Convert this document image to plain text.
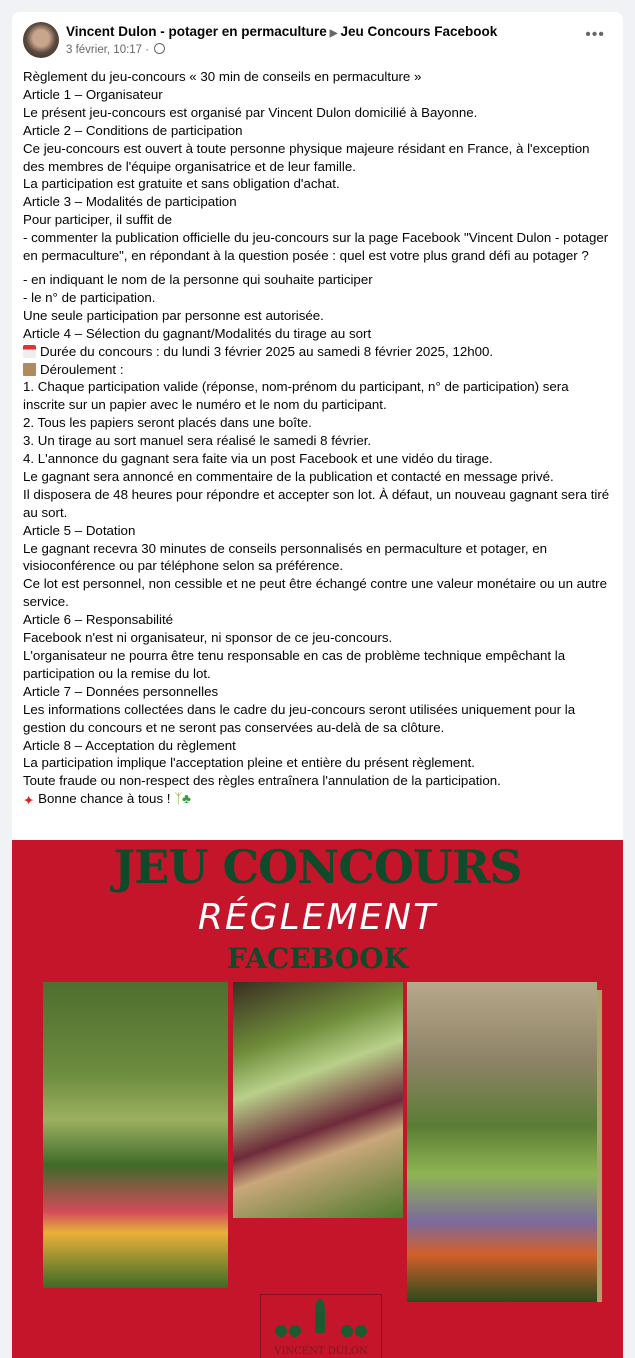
Vincent Dulon - potager en permaculture ▶ Jeu Concours Facebook
3 février, 10:17 ·
•••
Règlement du jeu-concours « 30 min de conseils en permaculture »
Article 1 – Organisateur
Le présent jeu-concours est organisé par Vincent Dulon domicilié à Bayonne.
Article 2 – Conditions de participation
Ce jeu-concours est ouvert à toute personne physique majeure résidant en France, à l'exception des membres de l'équipe organisatrice et de leur famille.
La participation est gratuite et sans obligation d'achat.
Article 3 – Modalités de participation
Pour participer, il suffit de
- commenter la publication officielle du jeu-concours sur la page Facebook "Vincent Dulon - potager en permaculture", en répondant à la question posée : quel est votre plus grand défi au potager ?
- en indiquant le nom de la personne qui souhaite participer
- le n° de participation.
Une seule participation par personne est autorisée.
Article 4 – Sélection du gagnant/Modalités du tirage au sort
Durée du concours : du lundi 3 février 2025 au samedi 8 février 2025, 12h00.
Déroulement :
1. Chaque participation valide (réponse, nom-prénom du participant, n° de participation) sera inscrite sur un papier avec le numéro et le nom du participant.
2. Tous les papiers seront placés dans une boîte.
3. Un tirage au sort manuel sera réalisé le samedi 8 février.
4. L'annonce du gagnant sera faite via un post Facebook et une vidéo du tirage.
Le gagnant sera annoncé en commentaire de la publication et contacté en message privé.
Il disposera de 48 heures pour répondre et accepter son lot. À défaut, un nouveau gagnant sera tiré au sort.
Article 5 – Dotation
Le gagnant recevra 30 minutes de conseils personnalisés en permaculture et potager, en visioconférence ou par téléphone selon sa préférence.
Ce lot est personnel, non cessible et ne peut être échangé contre une valeur monétaire ou un autre service.
Article 6 – Responsabilité
Facebook n'est ni organisateur, ni sponsor de ce jeu-concours.
L'organisateur ne pourra être tenu responsable en cas de problème technique empêchant la participation ou la remise du lot.
Article 7 – Données personnelles
Les informations collectées dans le cadre du jeu-concours seront utilisées uniquement pour la gestion du concours et ne seront pas conservées au-delà de sa clôture.
Article 8 – Acceptation du règlement
La participation implique l'acceptation pleine et entière du présent règlement.
Toute fraude ou non-respect des règles entraînera l'annulation de la participation.
✦ Bonne chance à tous ! ᛉ♣
JEU CONCOURS
RÉGLEMENT
FACEBOOK
VINCENT DULON
